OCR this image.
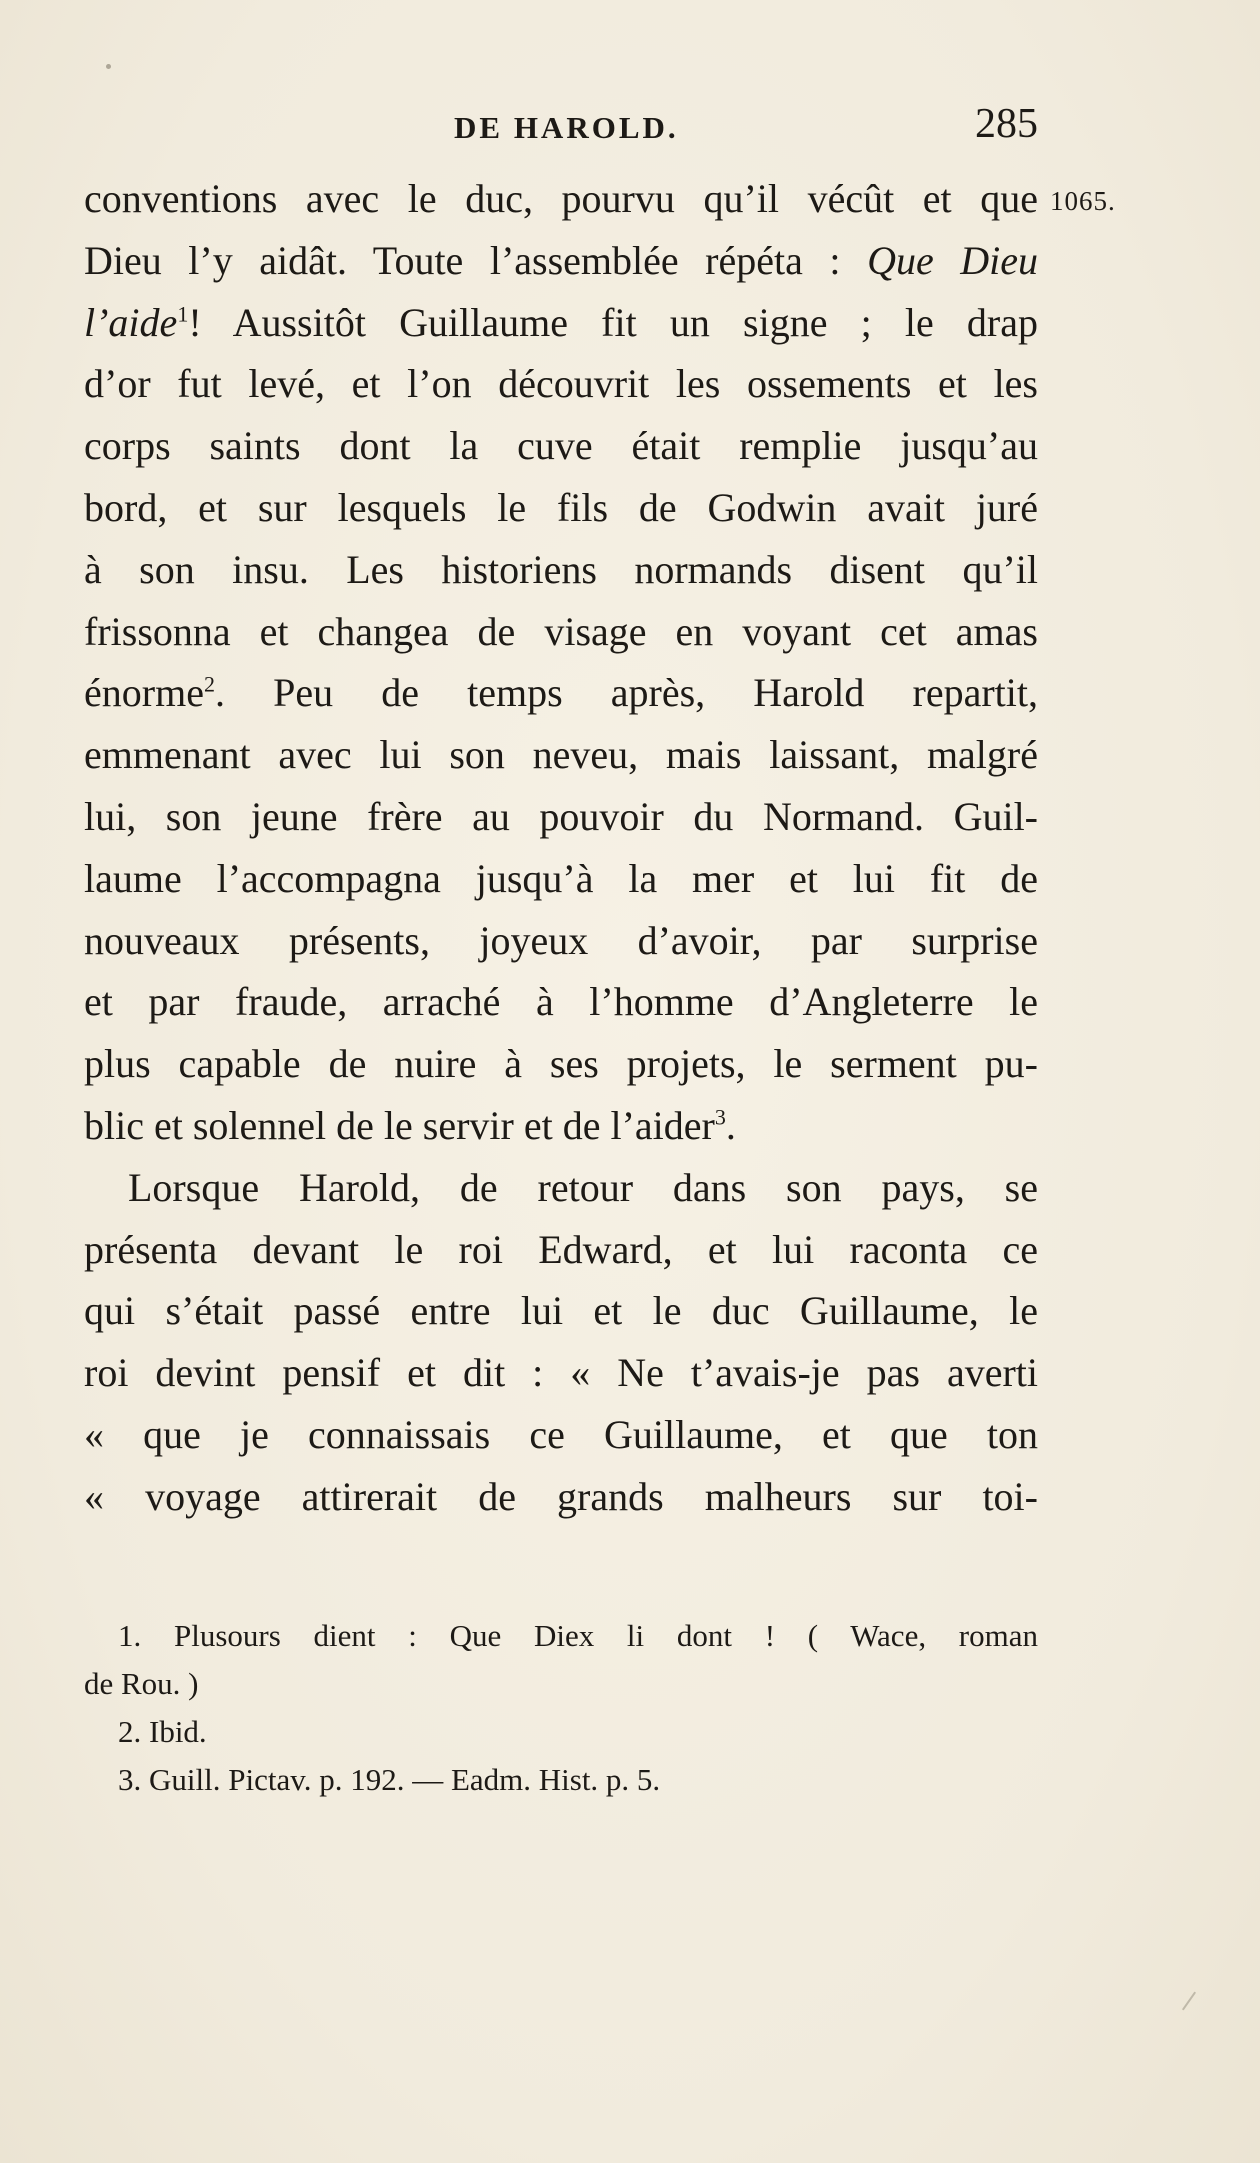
DE HAROLD.	285
1065.
conventions avec le duc, pourvu qu’il vécût et que
Dieu l’y aidât. Toute l’assemblée répéta : Que Dieu
l’aide$^1$! Aussitôt Guillaume fit un signe ; le drap
d’or fut levé, et l’on découvrit les ossements et les
corps saints dont la cuve était remplie jusqu’au
bord, et sur lesquels le fils de Godwin avait juré
à son insu. Les historiens normands disent qu’il
frissonna et changea de visage en voyant cet amas
énorme$^2$. Peu de temps après, Harold repartit,
emmenant avec lui son neveu, mais laissant, malgré
lui, son jeune frère au pouvoir du Normand. Guil-
laume l’accompagna jusqu’à la mer et lui fit de
nouveaux présents, joyeux d’avoir, par surprise
et par fraude, arraché à l’homme d’Angleterre le
plus capable de nuire à ses projets, le serment pu-
blic et solennel de le servir et de l’aider$^3$.
Lorsque Harold, de retour dans son pays, se
présenta devant le roi Edward, et lui raconta ce
qui s’était passé entre lui et le duc Guillaume, le
roi devint pensif et dit : « Ne t’avais-je pas averti
« que je connaissais ce Guillaume, et que ton
« voyage attirerait de grands malheurs sur toi-
1. Plusours dient : Que Diex li dont ! ( Wace, roman
de Rou. )
2. Ibid.
3. Guill. Pictav. p. 192. — Eadm. Hist. p. 5.
